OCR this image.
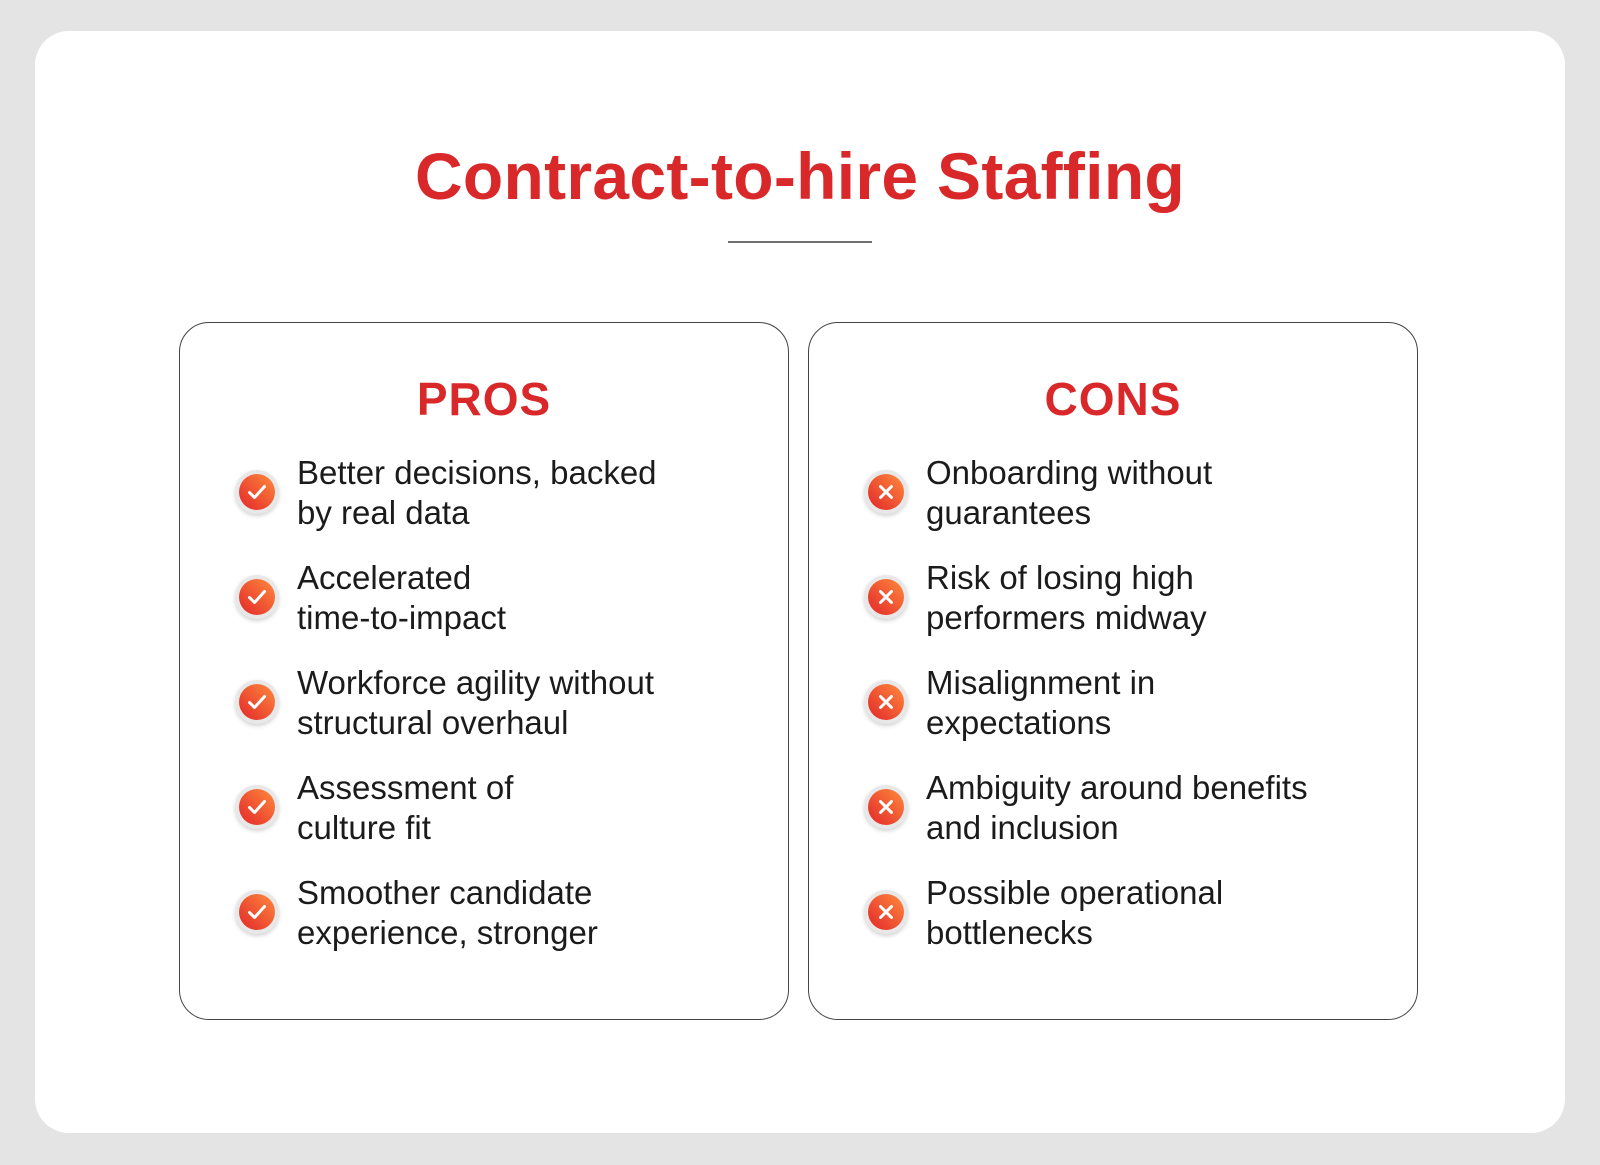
Contract-to-hire Staffing
PROS

Better decisions, backed
by real data

Accelerated
time-to-impact

Workforce agility without
structural overhaul

Assessment of
culture fit

Smoother candidate
experience, stronger

CONS

Onboarding without
guarantees

Risk of losing high
performers midway

Misalignment in
expectations

Ambiguity around benefits
and inclusion

Possible operational
bottlenecks
